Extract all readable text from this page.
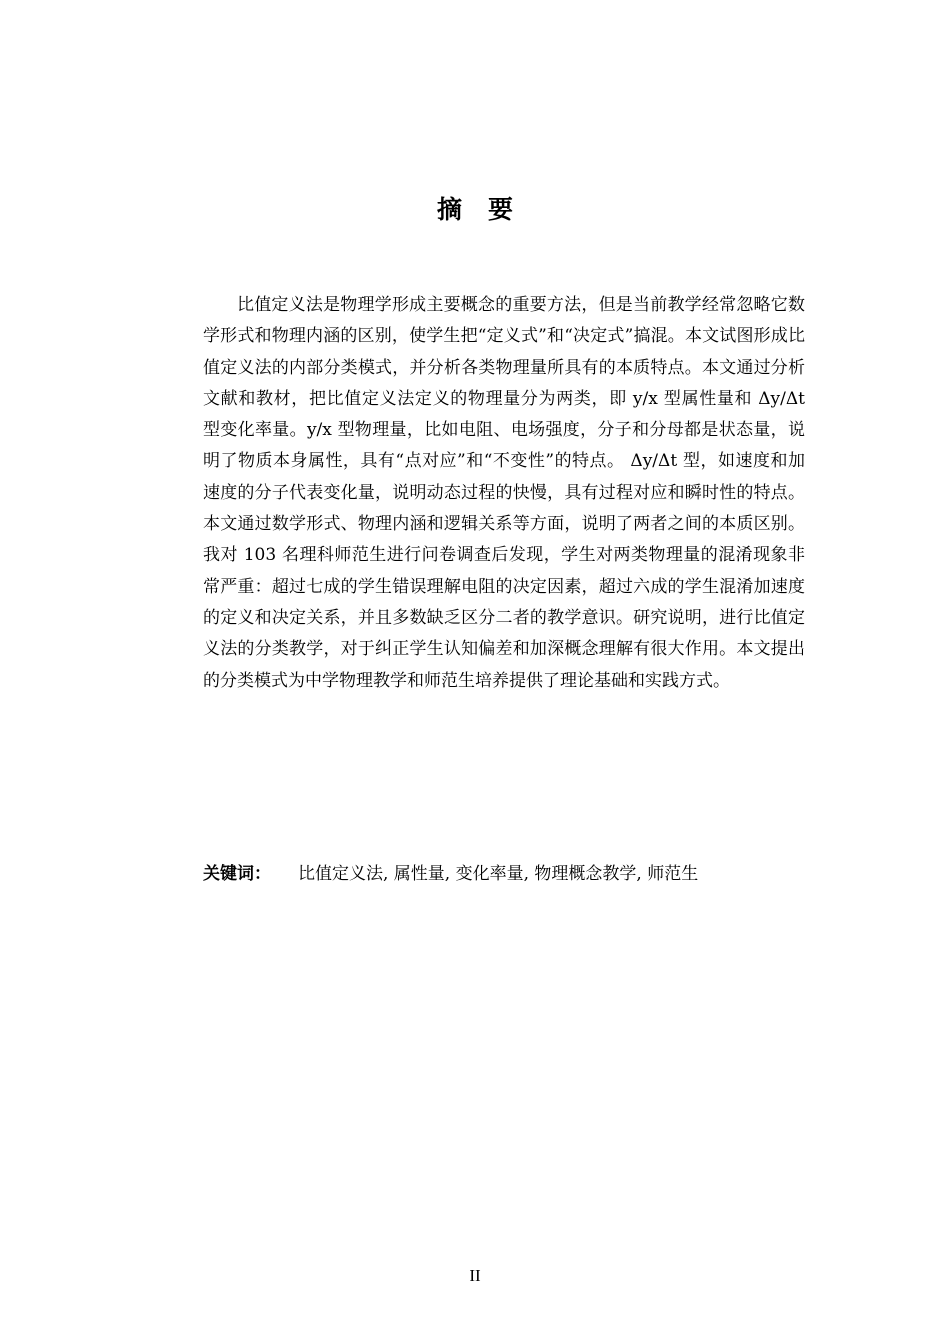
摘要

比值定义法是物理学形成主要概念的重要方法，但是当前教学经常忽略它数学形式和物理内涵的区别，使学生把“定义式”和“决定式”搞混。本文试图形成比值定义法的内部分类模式，并分析各类物理量所具有的本质特点。本文通过分析文献和教材，把比值定义法定义的物理量分为两类，即 y/x 型属性量和 Δy/Δt 型变化率量。y/x 型物理量，比如电阻、电场强度，分子和分母都是状态量，说明了物质本身属性，具有“点对应”和“不变性”的特点。 Δy/Δt 型，如速度和加速度的分子代表变化量，说明动态过程的快慢，具有过程对应和瞬时性的特点。本文通过数学形式、物理内涵和逻辑关系等方面，说明了两者之间的本质区别。我对 103 名理科师范生进行问卷调查后发现，学生对两类物理量的混淆现象非常严重：超过七成的学生错误理解电阻的决定因素，超过六成的学生混淆加速度的定义和决定关系，并且多数缺乏区分二者的教学意识。研究说明，进行比值定义法的分类教学，对于纠正学生认知偏差和加深概念理解有很大作用。本文提出的分类模式为中学物理教学和师范生培养提供了理论基础和实践方式。

关键词： 比值定义法, 属性量, 变化率量, 物理概念教学, 师范生
II
